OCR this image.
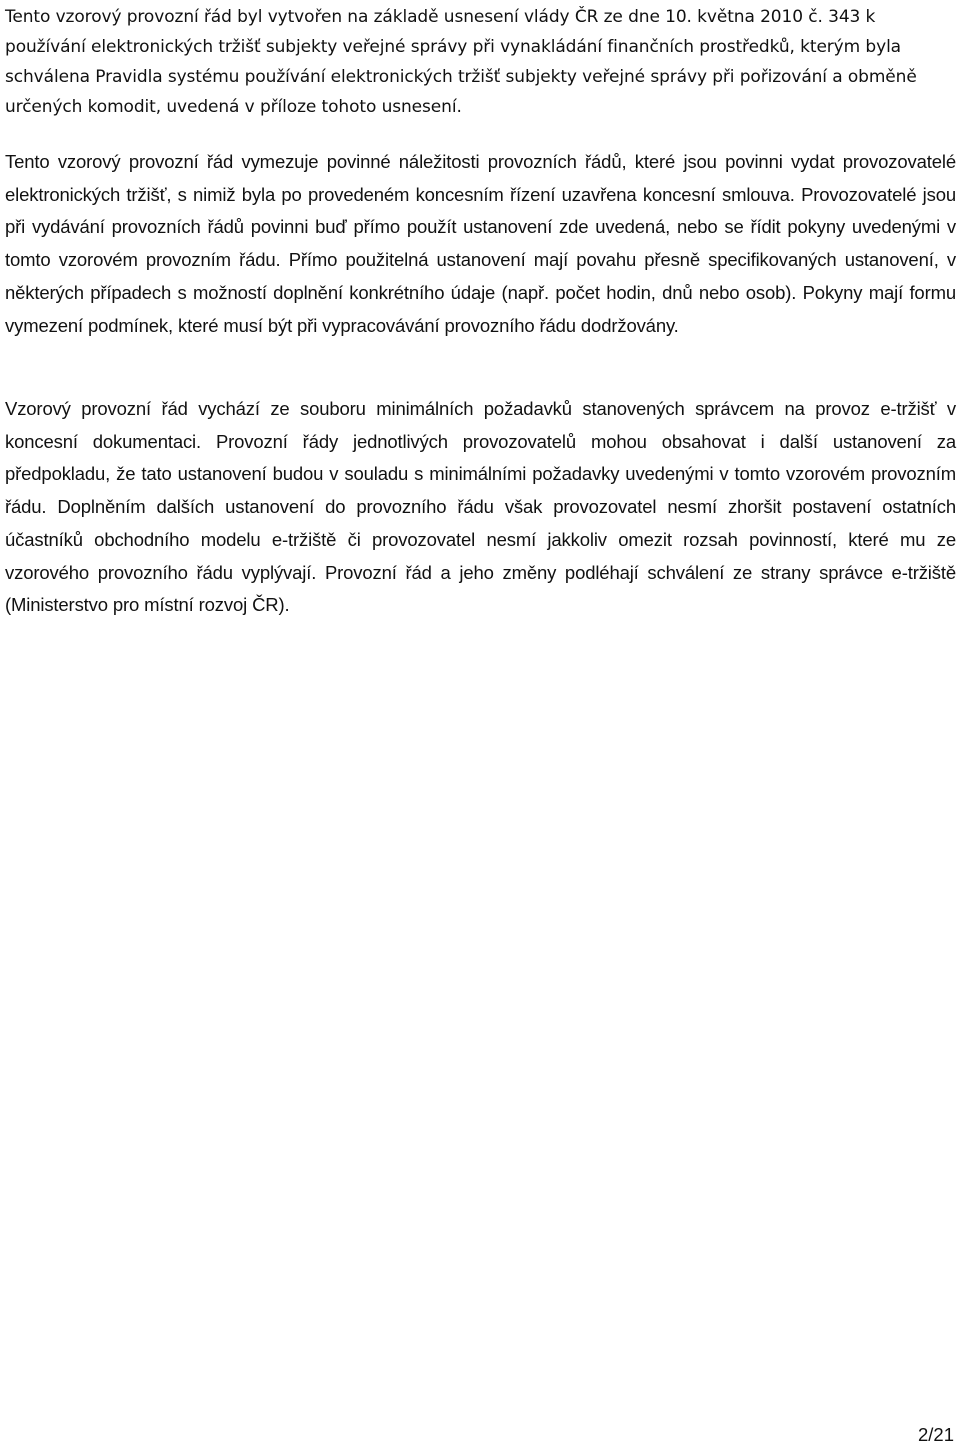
Tento vzorový provozní řád byl vytvořen na základě usnesení vlády ČR ze dne 10. května 2010 č. 343 k používání elektronických tržišť subjekty veřejné správy při vynakládání finančních prostředků, kterým byla schválena Pravidla systému používání elektronických tržišť subjekty veřejné správy při pořizování a obměně určených komodit, uvedená v příloze tohoto usnesení.

Tento vzorový provozní řád vymezuje povinné náležitosti provozních řádů, které jsou povinni vydat provozovatelé elektronických tržišť, s nimiž byla po provedeném koncesním řízení uzavřena koncesní smlouva. Provozovatelé jsou při vydávání provozních řádů povinni buď přímo použít ustanovení zde uvedená, nebo se řídit pokyny uvedenými v tomto vzorovém provozním řádu. Přímo použitelná ustanovení mají povahu přesně specifikovaných ustanovení, v některých případech s možností doplnění konkrétního údaje (např. počet hodin, dnů nebo osob). Pokyny mají formu vymezení podmínek, které musí být při vypracovávání provozního řádu dodržovány.

Vzorový provozní řád vychází ze souboru minimálních požadavků stanovených správcem na provoz e-tržišť v koncesní dokumentaci. Provozní řády jednotlivých provozovatelů mohou obsahovat i další ustanovení za předpokladu, že tato ustanovení budou v souladu s minimálními požadavky uvedenými v tomto vzorovém provozním řádu. Doplněním dalších ustanovení do provozního řádu však provozovatel nesmí zhoršit postavení ostatních účastníků obchodního modelu e-tržiště či provozovatel nesmí jakkoliv omezit rozsah povinností, které mu ze vzorového provozního řádu vyplývají. Provozní řád a jeho změny podléhají schválení ze strany správce e-tržiště (Ministerstvo pro místní rozvoj ČR).

2/21
